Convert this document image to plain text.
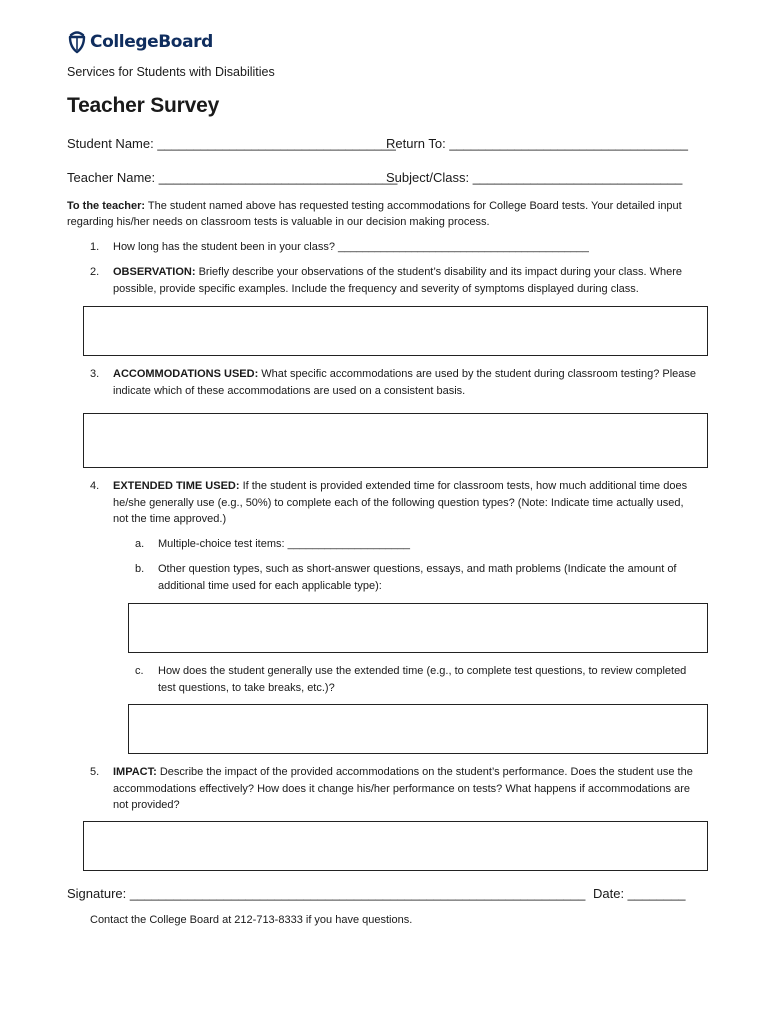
CollegeBoard
Services for Students with Disabilities
Teacher Survey
Student Name: _________________________________
Return To: _________________________________
Teacher Name: _________________________________
Subject/Class: _____________________________
To the teacher: The student named above has requested testing accommodations for College Board tests. Your detailed input regarding his/her needs on classroom tests is valuable in our decision making process.
1.	How long has the student been in your class? _________________________________________
2.	OBSERVATION: Briefly describe your observations of the student’s disability and its impact during your class. Where possible, provide specific examples. Include the frequency and severity of symptoms displayed during class.
3.	ACCOMMODATIONS USED: What specific accommodations are used by the student during classroom testing? Please indicate which of these accommodations are used on a consistent basis.
4.	EXTENDED TIME USED: If the student is provided extended time for classroom tests, how much additional time does he/she generally use (e.g., 50%) to complete each of the following question types? (Note: Indicate time actually used, not the time approved.)
a.	Multiple-choice test items: ____________________
b.	Other question types, such as short-answer questions, essays, and math problems (Indicate the amount of additional time used for each applicable type):
c.	How does the student generally use the extended time (e.g., to complete test questions, to review completed test questions, to take breaks, etc.)?
5.	IMPACT: Describe the impact of the provided accommodations on the student’s performance. Does the student use the accommodations effectively? How does it change his/her performance on tests? What happens if accommodations are not provided?
Signature: _______________________________________________________________ Date: ________
Contact the College Board at 212-713-8333 if you have questions.
